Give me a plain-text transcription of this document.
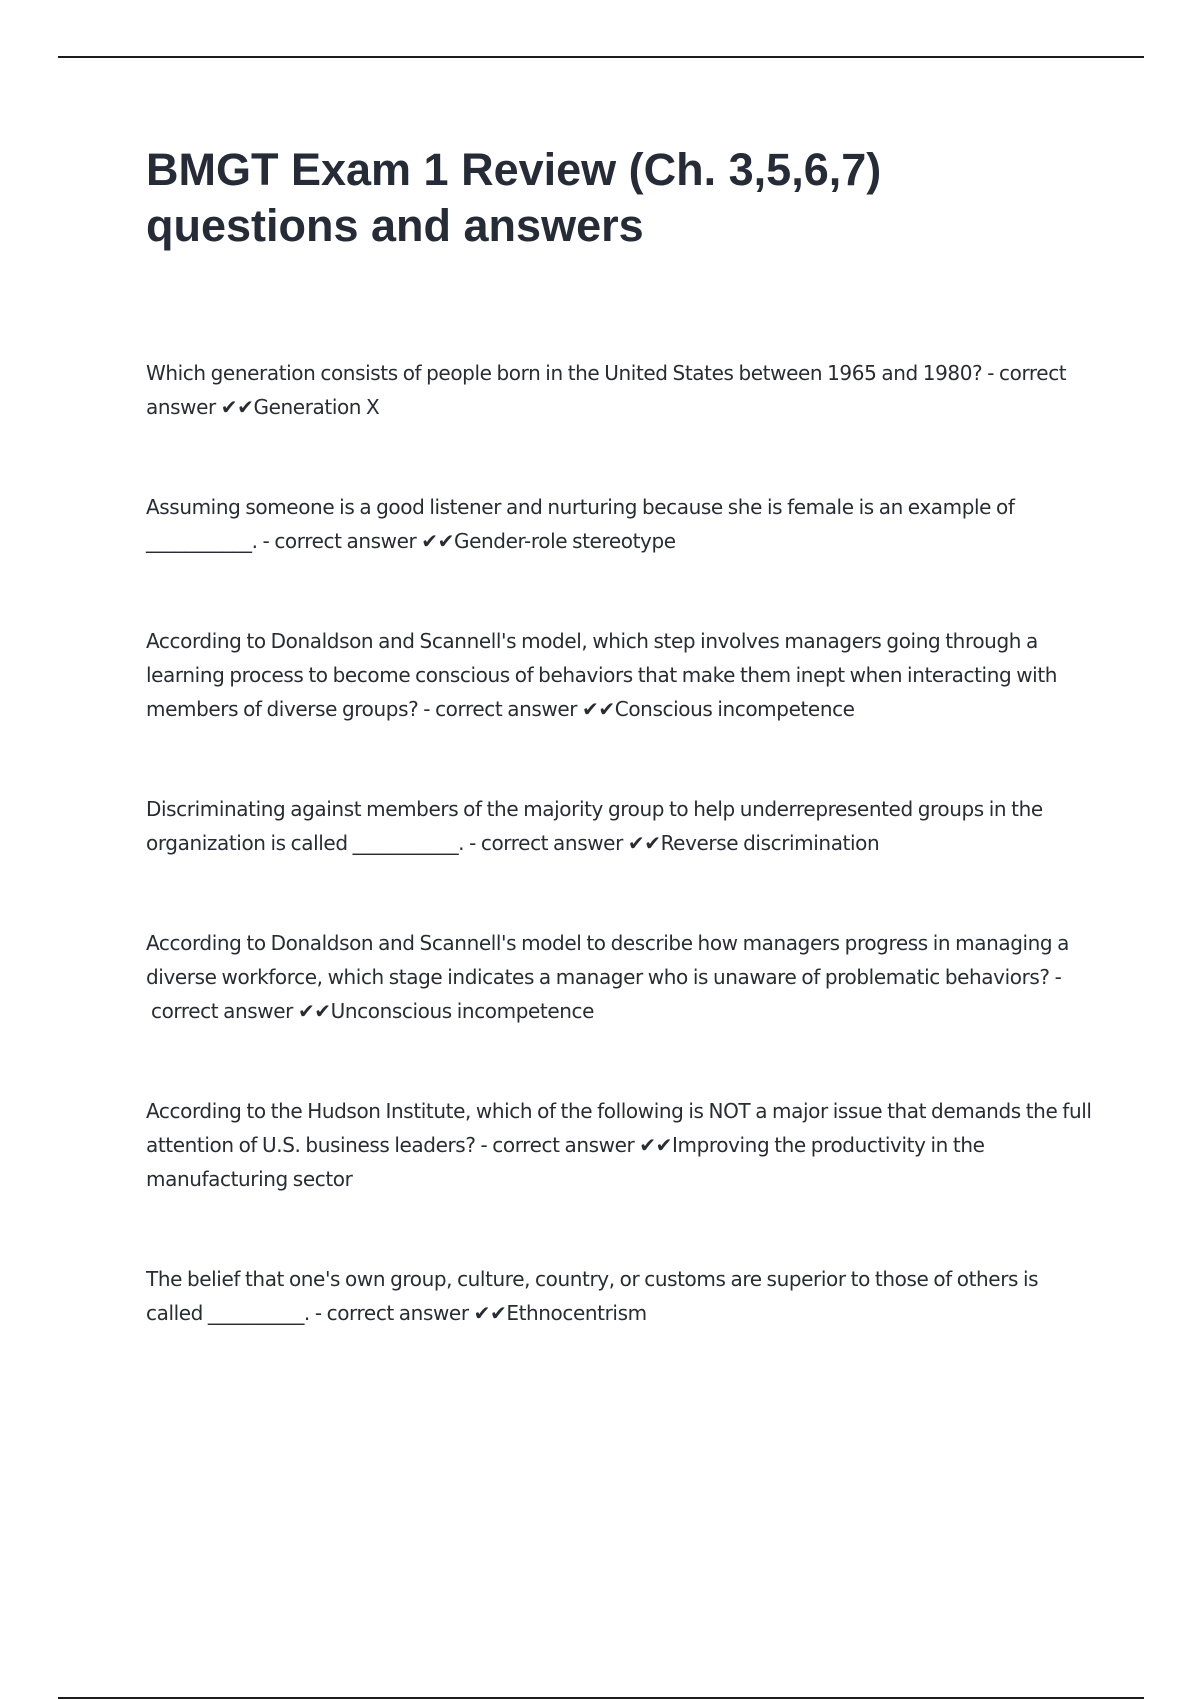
BMGT Exam 1 Review (Ch. 3,5,6,7) questions and answers
Which generation consists of people born in the United States between 1965 and 1980? - correct answer ✔✔Generation X
Assuming someone is a good listener and nurturing because she is female is an example of ___________. - correct answer ✔✔Gender-role stereotype
According to Donaldson and Scannell's model, which step involves managers going through a learning process to become conscious of behaviors that make them inept when interacting with members of diverse groups? - correct answer ✔✔Conscious incompetence
Discriminating against members of the majority group to help underrepresented groups in the organization is called ___________. - correct answer ✔✔Reverse discrimination
According to Donaldson and Scannell's model to describe how managers progress in managing a diverse workforce, which stage indicates a manager who is unaware of problematic behaviors? - correct answer ✔✔Unconscious incompetence
According to the Hudson Institute, which of the following is NOT a major issue that demands the full attention of U.S. business leaders? - correct answer ✔✔Improving the productivity in the manufacturing sector
The belief that one's own group, culture, country, or customs are superior to those of others is called __________. - correct answer ✔✔Ethnocentrism
